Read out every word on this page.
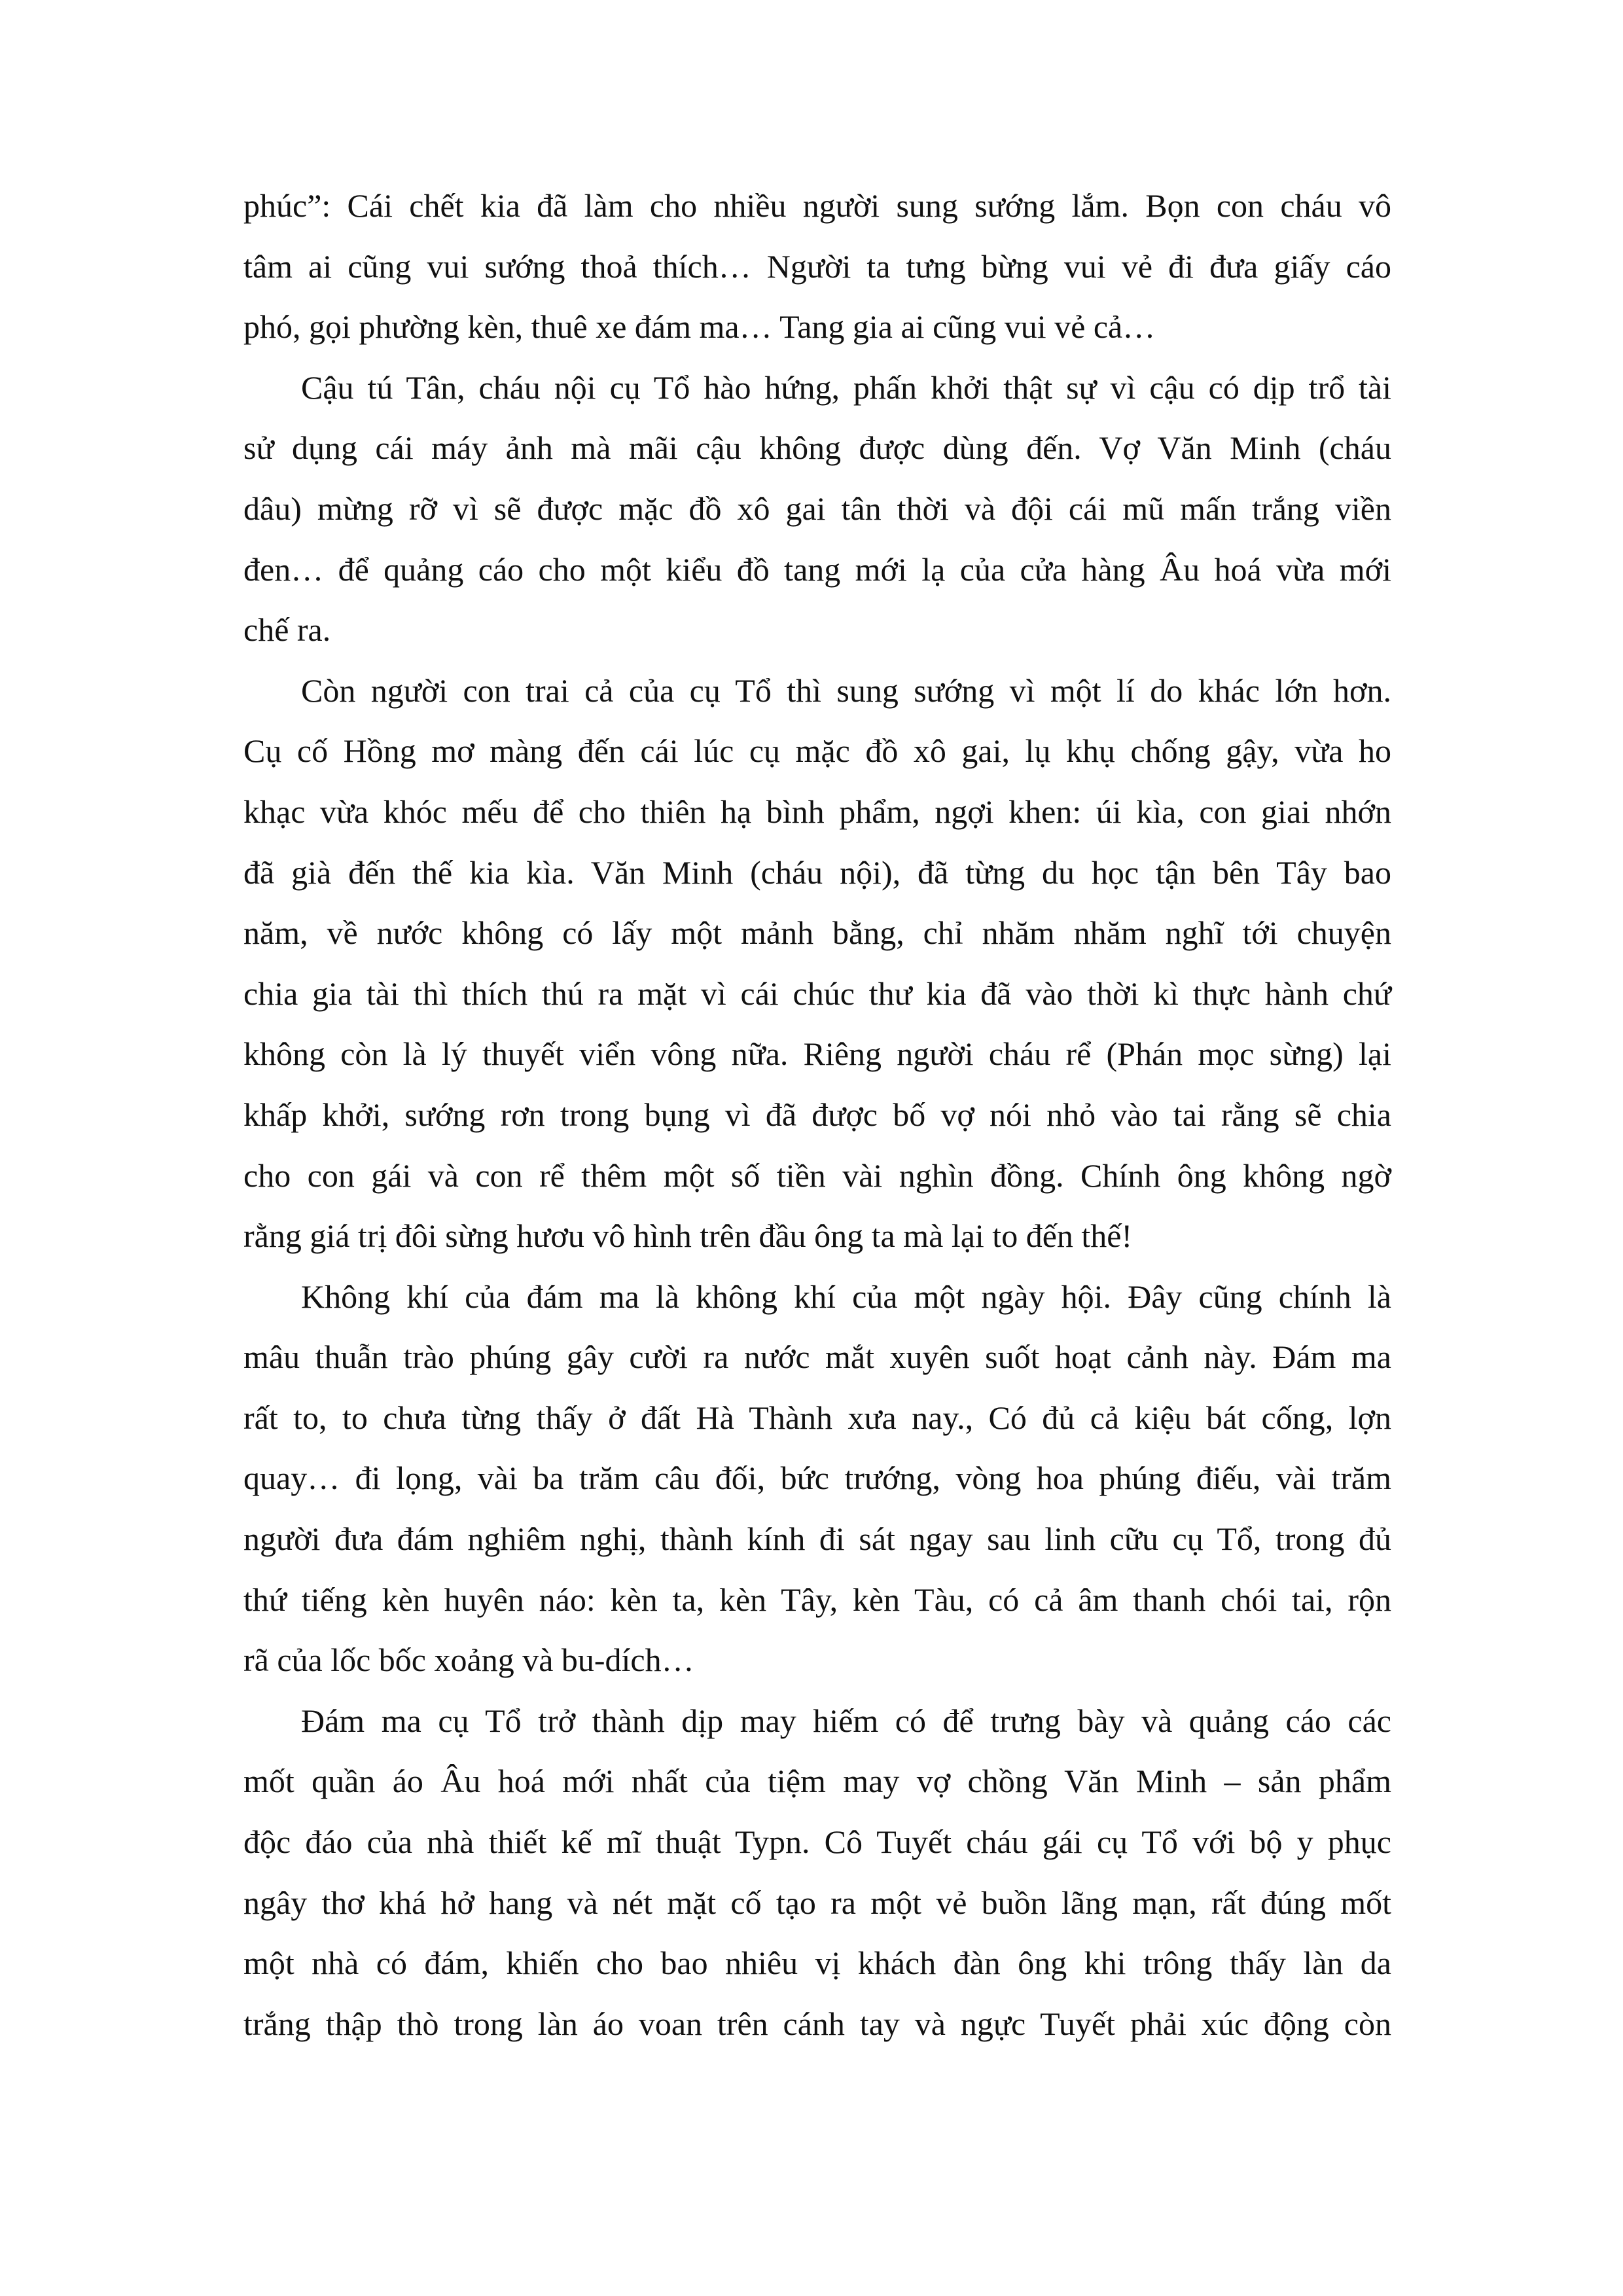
phúc”: Cái chết kia đã làm cho nhiều người sung sướng lắm. Bọn con cháu vô
tâm ai cũng vui sướng thoả thích… Người ta tưng bừng vui vẻ đi đưa giấy cáo
phó, gọi phường kèn, thuê xe đám ma… Tang gia ai cũng vui vẻ cả…
Cậu tú Tân, cháu nội cụ Tổ hào hứng, phấn khởi thật sự vì cậu có dịp trổ tài
sử dụng cái máy ảnh mà mãi cậu không được dùng đến. Vợ Văn Minh (cháu
dâu) mừng rỡ vì sẽ được mặc đồ xô gai tân thời và đội cái mũ mấn trắng viền
đen… để quảng cáo cho một kiểu đồ tang mới lạ của cửa hàng Âu hoá vừa mới
chế ra.
Còn người con trai cả của cụ Tổ thì sung sướng vì một lí do khác lớn hơn.
Cụ cố Hồng mơ màng đến cái lúc cụ mặc đồ xô gai, lụ khụ chống gậy, vừa ho
khạc vừa khóc mếu để cho thiên hạ bình phẩm, ngợi khen: úi kìa, con giai nhớn
đã già đến thế kia kìa. Văn Minh (cháu nội), đã từng du học tận bên Tây bao
năm, về nước không có lấy một mảnh bằng, chỉ nhăm nhăm nghĩ tới chuyện
chia gia tài thì thích thú ra mặt vì cái chúc thư kia đã vào thời kì thực hành chứ
không còn là lý thuyết viển vông nữa. Riêng người cháu rể (Phán mọc sừng) lại
khấp khởi, sướng rơn trong bụng vì đã được bố vợ nói nhỏ vào tai rằng sẽ chia
cho con gái và con rể thêm một số tiền vài nghìn đồng. Chính ông không ngờ
rằng giá trị đôi sừng hươu vô hình trên đầu ông ta mà lại to đến thế!
Không khí của đám ma là không khí của một ngày hội. Đây cũng chính là
mâu thuẫn trào phúng gây cười ra nước mắt xuyên suốt hoạt cảnh này. Đám ma
rất to, to chưa từng thấy ở đất Hà Thành xưa nay., Có đủ cả kiệu bát cống, lợn
quay… đi lọng, vài ba trăm câu đối, bức trướng, vòng hoa phúng điếu, vài trăm
người đưa đám nghiêm nghị, thành kính đi sát ngay sau linh cữu cụ Tổ, trong đủ
thứ tiếng kèn huyên náo: kèn ta, kèn Tây, kèn Tàu, có cả âm thanh chói tai, rộn
rã của lốc bốc xoảng và bu-dích…
Đám ma cụ Tổ trở thành dịp may hiếm có để trưng bày và quảng cáo các
mốt quần áo Âu hoá mới nhất của tiệm may vợ chồng Văn Minh – sản phẩm
độc đáo của nhà thiết kế mĩ thuật Typn. Cô Tuyết cháu gái cụ Tổ với bộ y phục
ngây thơ khá hở hang và nét mặt cố tạo ra một vẻ buồn lãng mạn, rất đúng mốt
một nhà có đám, khiến cho bao nhiêu vị khách đàn ông khi trông thấy làn da
trắng thập thò trong làn áo voan trên cánh tay và ngực Tuyết phải xúc động còn
